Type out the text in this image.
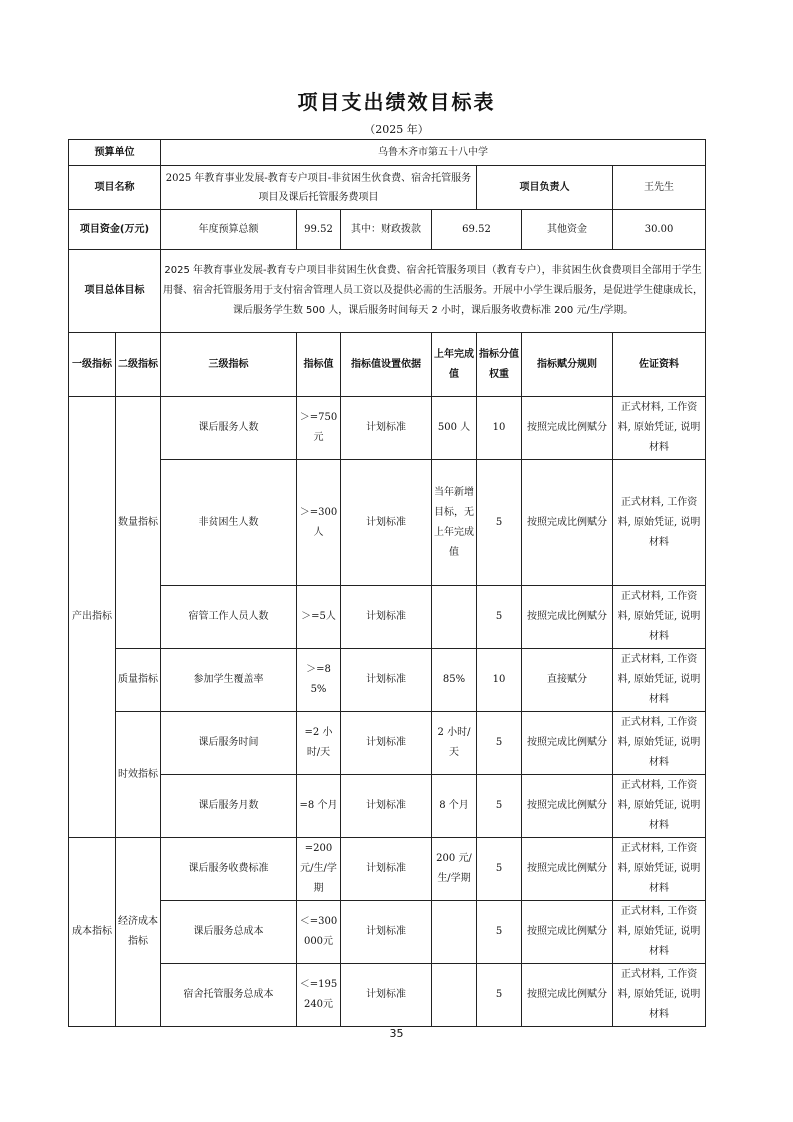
项目支出绩效目标表
（2025 年）
预算单位		乌鲁木齐市第五十八中学						
项目名称		2025 年教育事业发展-教育专户项目-非贫困生伙食费、宿舍托管服务项目及课后托管服务费项目				项目负责人		王先生
项目资金(万元)		年度预算总额	99.52	其中：财政拨款	69.52		其他资金	30.00
项目总体目标		2025 年教育事业发展-教育专户项目非贫困生伙食费、宿舍托管服务项目（教育专户），非贫困生伙食费项目全部用于学生用餐、宿舍托管服务用于支付宿舍管理人员工资以及提供必需的生活服务。开展中小学生课后服务，是促进学生健康成长，课后服务学生数 500 人，课后服务时间每天 2 小时，课后服务收费标准 200 元/生/学期。						
一级指标	二级指标	三级指标	指标值	指标值设置依据	上年完成值	指标分值权重	指标赋分规则	佐证资料
产出指标	数量指标	课后服务人数	＞=750元	计划标准	500 人	10	按照完成比例赋分	正式材料, 工作资料, 原始凭证, 说明材料
		非贫困生人数	＞=300人	计划标准	当年新增目标，无上年完成值	5	按照完成比例赋分	正式材料, 工作资料, 原始凭证, 说明材料
		宿管工作人员人数	＞=5人	计划标准		5	按照完成比例赋分	正式材料, 工作资料, 原始凭证, 说明材料
	质量指标	参加学生覆盖率	＞=85%	计划标准	85%	10	直接赋分	正式材料, 工作资料, 原始凭证, 说明材料
	时效指标	课后服务时间	=2 小时/天	计划标准	2 小时/天	5	按照完成比例赋分	正式材料, 工作资料, 原始凭证, 说明材料
		课后服务月数	=8 个月	计划标准	8 个月	5	按照完成比例赋分	正式材料, 工作资料, 原始凭证, 说明材料
成本指标	经济成本指标	课后服务收费标准	=200元/生/学期	计划标准	200 元/生/学期	5	按照完成比例赋分	正式材料, 工作资料, 原始凭证, 说明材料
		课后服务总成本	＜=300000元	计划标准		5	按照完成比例赋分	正式材料, 工作资料, 原始凭证, 说明材料
		宿舍托管服务总成本	＜=195240元	计划标准		5	按照完成比例赋分	正式材料, 工作资料, 原始凭证, 说明材料
35
